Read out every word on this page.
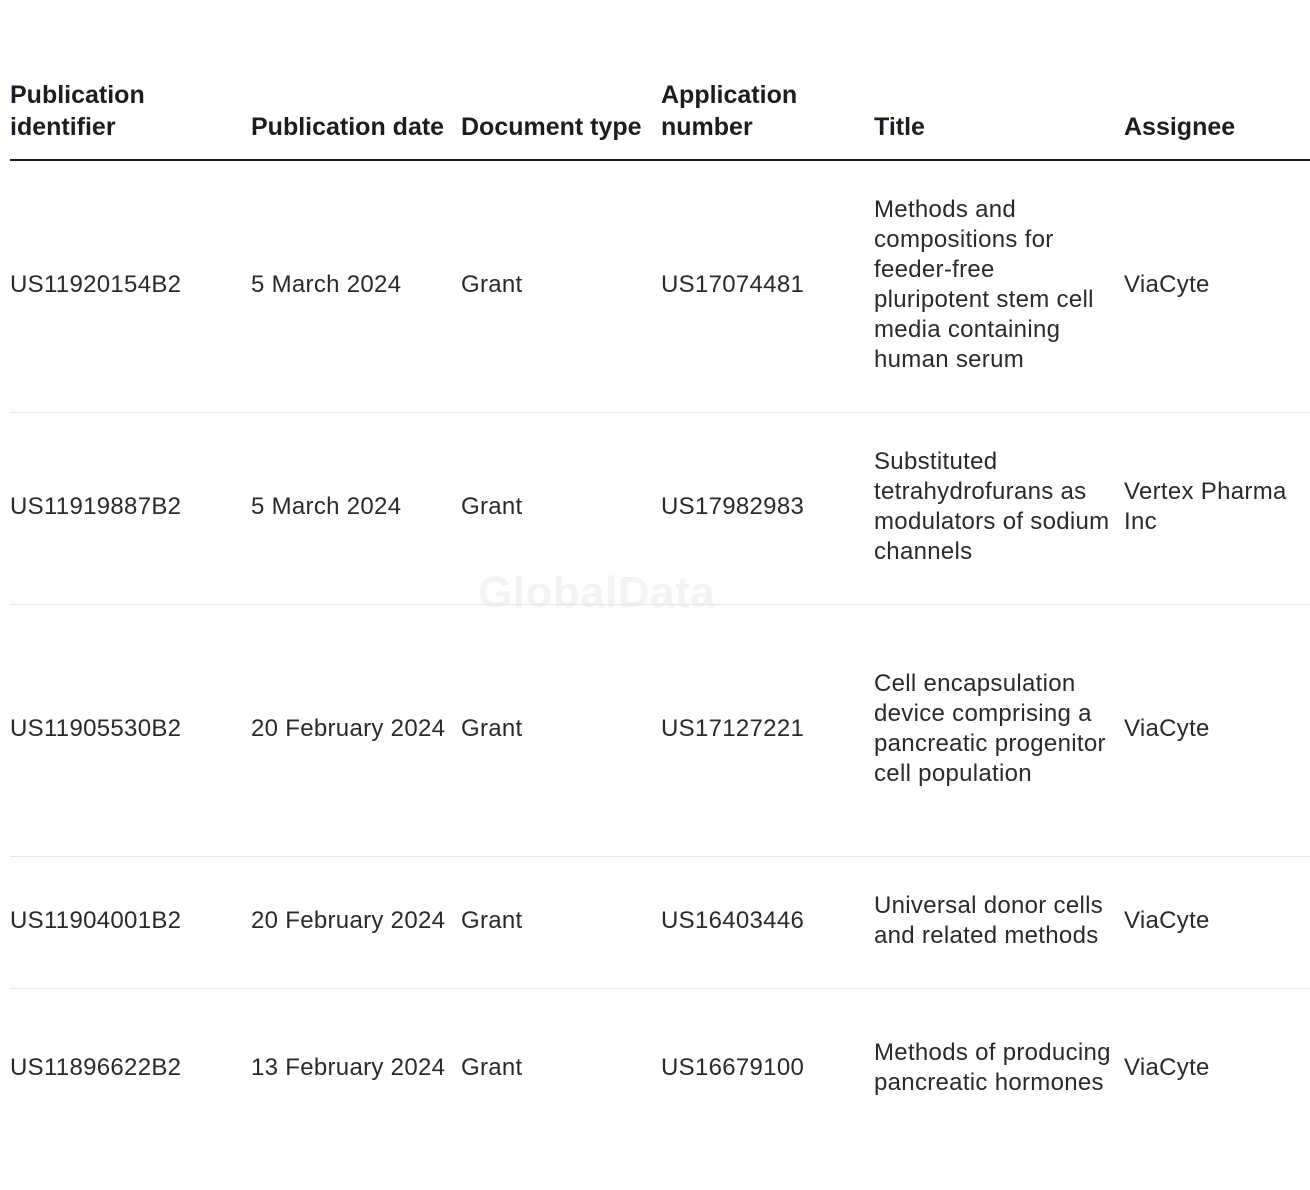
GlobalData
Publication identifier	Publication date	Document type	Application number	Title	Assignee
US11920154B2	5 March 2024	Grant	US17074481	Methods and compositions for feeder-free pluripotent stem cell media containing human serum	ViaCyte
US11919887B2	5 March 2024	Grant	US17982983	Substituted tetrahydrofurans as modulators of sodium channels	Vertex Pharma Inc
US11905530B2	20 February 2024	Grant	US17127221	Cell encapsulation device comprising a pancreatic progenitor cell population	ViaCyte
US11904001B2	20 February 2024	Grant	US16403446	Universal donor cells and related methods	ViaCyte
US11896622B2	13 February 2024	Grant	US16679100	Methods of producing pancreatic hormones	ViaCyte
